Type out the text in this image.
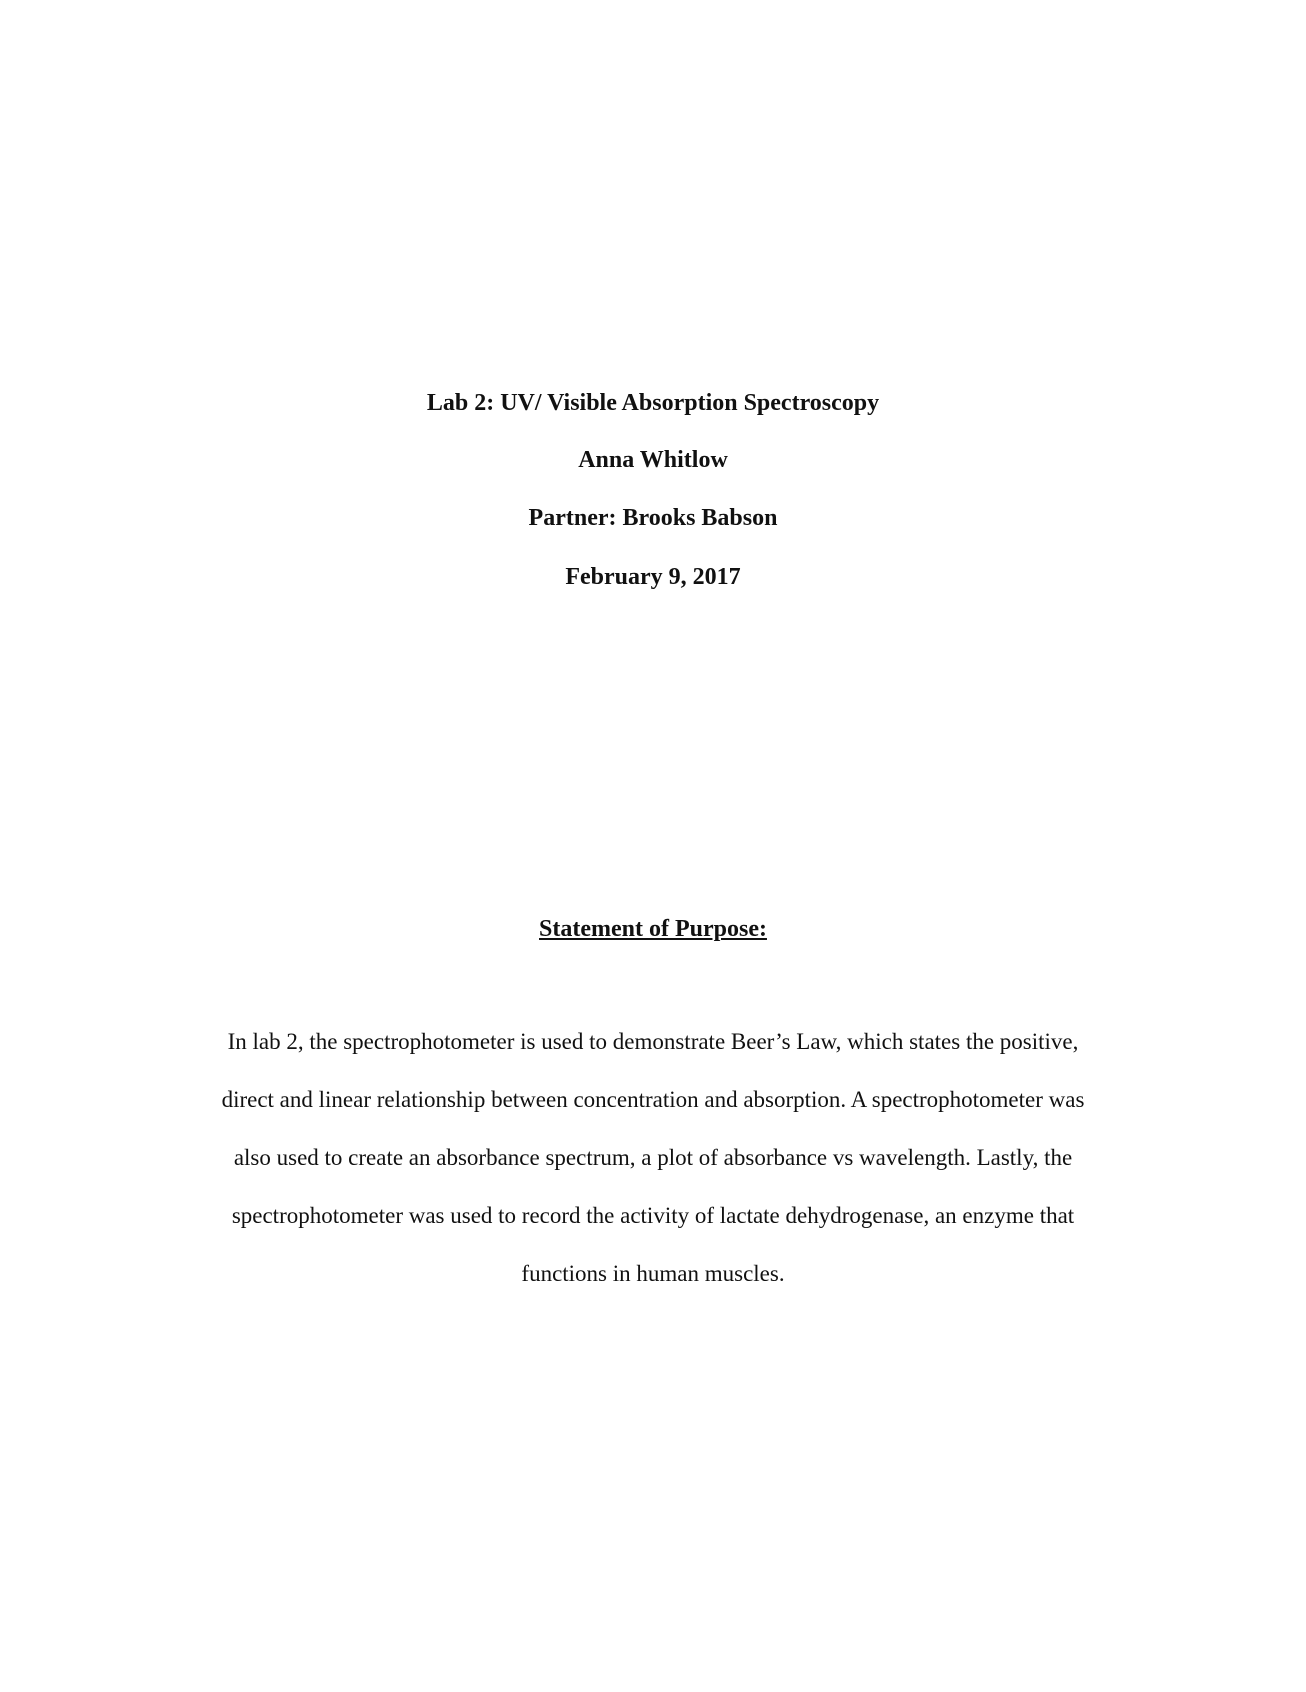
Lab 2: UV/ Visible Absorption Spectroscopy
Anna Whitlow
Partner: Brooks Babson
February 9, 2017
Statement of Purpose:
In lab 2, the spectrophotometer is used to demonstrate Beer’s Law, which states the positive,
direct and linear relationship between concentration and absorption. A spectrophotometer was
also used to create an absorbance spectrum, a plot of absorbance vs wavelength. Lastly, the
spectrophotometer was used to record the activity of lactate dehydrogenase, an enzyme that
functions in human muscles.
